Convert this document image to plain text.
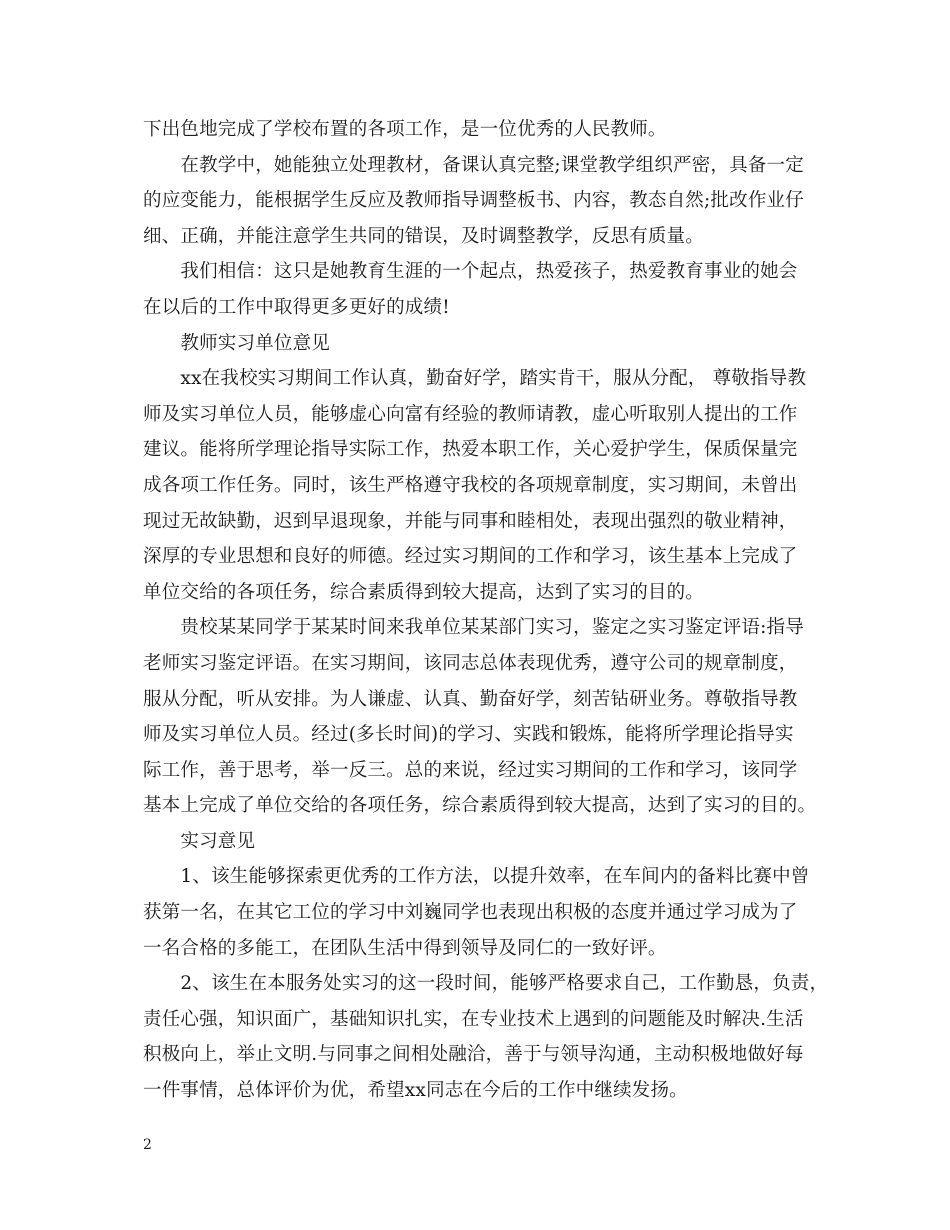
下出色地完成了学校布置的各项工作，是一位优秀的人民教师。
　　在教学中，她能独立处理教材，备课认真完整;课堂教学组织严密，具备一定
的应变能力，能根据学生反应及教师指导调整板书、内容，教态自然;批改作业仔
细、正确，并能注意学生共同的错误，及时调整教学，反思有质量。
　　我们相信：这只是她教育生涯的一个起点，热爱孩子，热爱教育事业的她会
在以后的工作中取得更多更好的成绩!
　　教师实习单位意见
　　xx在我校实习期间工作认真，勤奋好学，踏实肯干，服从分配， 尊敬指导教
师及实习单位人员，能够虚心向富有经验的教师请教，虚心听取别人提出的工作
建议。能将所学理论指导实际工作，热爱本职工作，关心爱护学生，保质保量完
成各项工作任务。同时，该生严格遵守我校的各项规章制度，实习期间，未曾出
现过无故缺勤，迟到早退现象，并能与同事和睦相处，表现出强烈的敬业精神，
深厚的专业思想和良好的师德。经过实习期间的工作和学习，该生基本上完成了
单位交给的各项任务，综合素质得到较大提高，达到了实习的目的。
　　贵校某某同学于某某时间来我单位某某部门实习，鉴定之实习鉴定评语:指导
老师实习鉴定评语。在实习期间，该同志总体表现优秀，遵守公司的规章制度，
服从分配，听从安排。为人谦虚、认真、勤奋好学，刻苦钻研业务。尊敬指导教
师及实习单位人员。经过(多长时间)的学习、实践和锻炼，能将所学理论指导实
际工作，善于思考，举一反三。总的来说，经过实习期间的工作和学习，该同学
基本上完成了单位交给的各项任务，综合素质得到较大提高，达到了实习的目的。
　　实习意见
　　1、该生能够探索更优秀的工作方法，以提升效率，在车间内的备料比赛中曾
获第一名，在其它工位的学习中刘巍同学也表现出积极的态度并通过学习成为了
一名合格的多能工，在团队生活中得到领导及同仁的一致好评。
　　2、该生在本服务处实习的这一段时间，能够严格要求自己，工作勤恳，负责，
责任心强，知识面广，基础知识扎实，在专业技术上遇到的问题能及时解决.生活
积极向上，举止文明.与同事之间相处融洽，善于与领导沟通，主动积极地做好每
一件事情，总体评价为优，希望xx同志在今后的工作中继续发扬。
2
